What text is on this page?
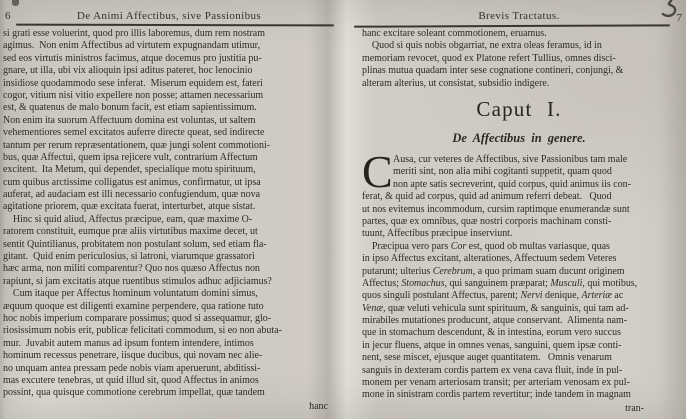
6	De Animi Affectibus, sive Passionibus
si grati esse voluerint, quod pro illis laboremus, dum rem nostram
agimus.  Non enim Affectibus ad virtutem expugnandam utimur,
sed eos virtutis ministros facimus, atque docemus pro justitia pu-
gnare, ut illa, ubi vix alioquin ipsi aditus pateret, hoc lenocinio
insidiose quodammodo sese inferat.  Miserum equidem est, fateri
cogor, vitium nisi vitio expellere non posse; attamen necessarium
est, & quatenus de malo bonum facit, est etiam sapientissimum.
Non enim ita suorum Affectuum domina est voluntas, ut saltem
vehementiores semel excitatos auferre directe queat, sed indirecte
tantum per rerum repræsentationem, quæ jungi solent commotioni-
bus, quæ Affectui, quem ipsa rejicere vult, contrarium Affectum
excitent.  Ita Metum, qui dependet, specialique motu spirituum,
cum quibus arctissime colligatus est animus, confirmatur, ut ipsa
auferat, ad audaciam est illi necessario confugiendum, quæ nova
agitatione priorem, quæ excitata fuerat, interturbet, atque sistat.
Hinc si quid aliud, Affectus præcipue, eam, quæ maxime O-
ratorem constituit, eumque præ aliis virtutibus maxime decet, ut
sentit Quintilianus, probitatem non postulant solum, sed etiam fla-
gitant.  Quid enim periculosius, si latroni, viarumque grassatori
hæc arma, non militi comparentur? Quo nos quæso Affectus non
rapiunt, si jam excitatis atque ruentibus stimulos adhuc adjiciamus?
Cum itaque per Affectus hominum voluntatum domini simus,
æquum quoque est diligenti examine perpendere, qua ratione tuto
hoc nobis imperium comparare possimus; quod si assequamur, glo-
riosissimum nobis erit, publicæ felicitati commodum, si eo non abuta-
mur.  Juvabit autem manus ad ipsum fontem intendere, intimos
hominum recessus penetrare, iisque ducibus, qui novam nec alie-
no unquam antea pressam pede nobis viam aperuerunt, abditissi-
mas excutere tenebras, ut quid illud sit, quod Affectus in animos
possint, qua quisque commotione cerebrum impellat, quæ tandem
hanc
7
Brevis Tractatus.
hanc excitare soleant commotionem, eruamus.
Quod si quis nobis obgarriat, ne extra oleas feramus, id in
memoriam revocet, quod ex Platone refert Tullius, omnes disci-
plinas mutua quadam inter sese cognatione contineri, conjungi, &
alteram alterius, ut consistat, subsidio indigere.
Caput I.
De Affectibus in genere.
C Ausa, cur veteres de Affectibus, sive Passionibus tam male
meriti sint, non alia mihi cogitanti suppetit, quam quod
non apte satis secreverint, quid corpus, quid animus iis con-
ferat, & quid ad corpus, quid ad animum referri debeat.   Quod
ut nos evitemus incommodum, cursim raptimque enumerandæ sunt
partes, quæ ex omnibus, quæ nostri corporis machinam consti-
tuunt, Affectibus præcipue inserviunt.
Præcipua vero pars Cor est, quod ob multas variasque, quas
in ipso Affectus excitant, alterationes, Affectuum sedem Veteres
putarunt; ulterius Cerebrum, a quo primam suam ducunt originem
Affectus; Stomachus, qui sanguinem præparat; Musculi, qui motibus,
quos singuli postulant Affectus, parent; Nervi denique, Arteriæ ac
Venæ, quæ veluti vehicula sunt spirituum, & sanguinis, qui tam ad-
mirabiles mutationes producunt, atque conservant.  Alimenta nam-
que in stomachum descendunt, & in intestina, eorum vero succus
in jecur fluens, atque in omnes venas, sanguini, quem ipsæ conti-
nent, sese miscet, ejusque auget quantitatem.   Omnis venarum
sanguis in dexteram cordis partem ex vena cava fluit, inde in pul-
monem per venam arteriosam transit; per arteriam venosam ex pul-
mone in sinistram cordis partem revertitur; inde tandem in magnam
tran-
